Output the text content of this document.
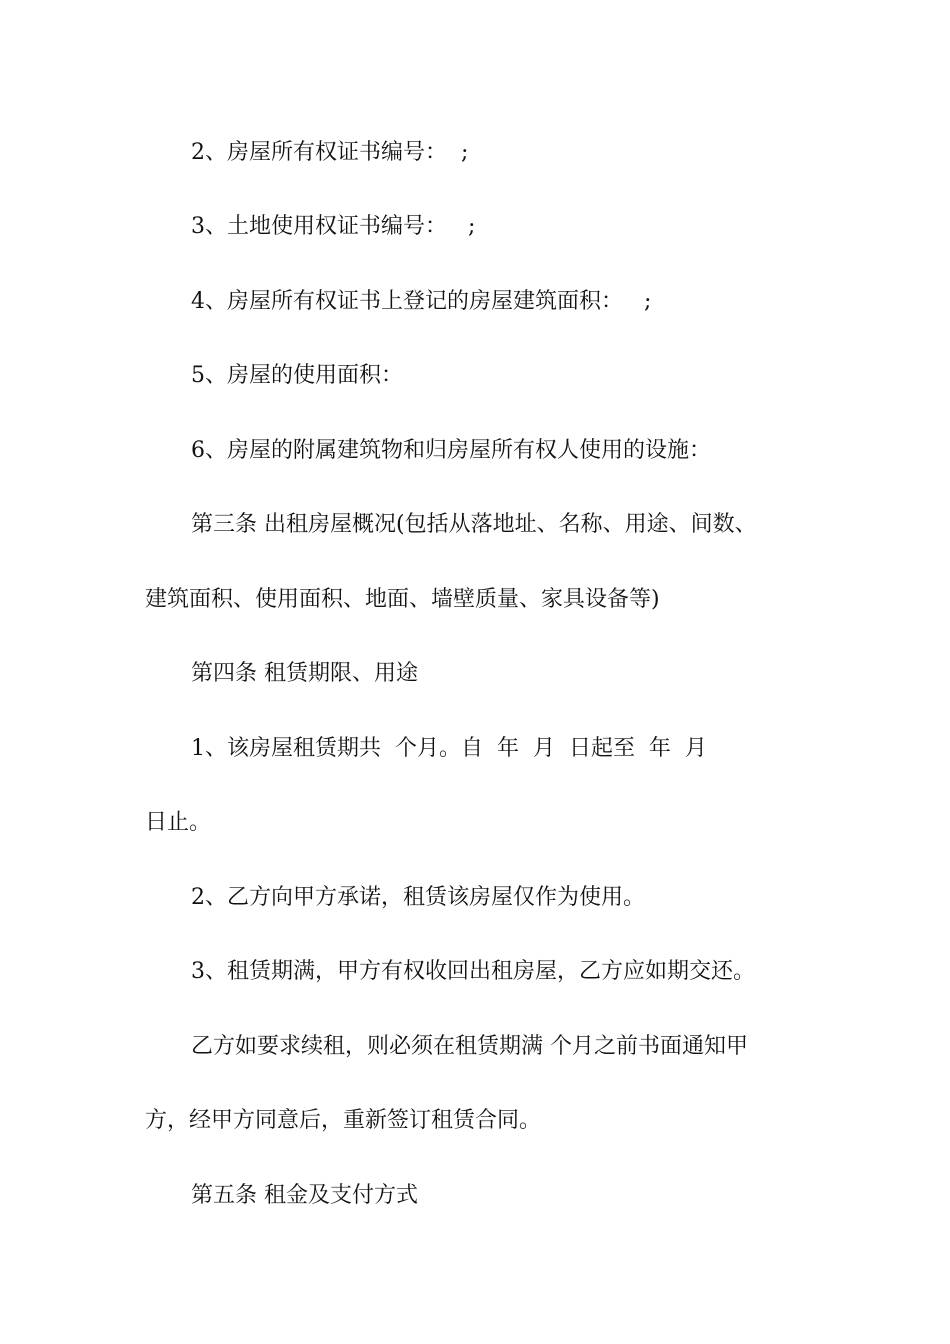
2、房屋所有权证书编号：  ;
3、土地使用权证书编号：   ;
4、房屋所有权证书上登记的房屋建筑面积：   ;
5、房屋的使用面积：
6、房屋的附属建筑物和归房屋所有权人使用的设施：
第三条 出租房屋概况(包括从落地址、名称、用途、间数、
建筑面积、使用面积、地面、墙壁质量、家具设备等)
第四条 租赁期限、用途
1、该房屋租赁期共  个月。自  年  月  日起至  年  月
日止。
2、乙方向甲方承诺，租赁该房屋仅作为使用。
3、租赁期满，甲方有权收回出租房屋，乙方应如期交还。
乙方如要求续租，则必须在租赁期满 个月之前书面通知甲
方，经甲方同意后，重新签订租赁合同。
第五条 租金及支付方式
